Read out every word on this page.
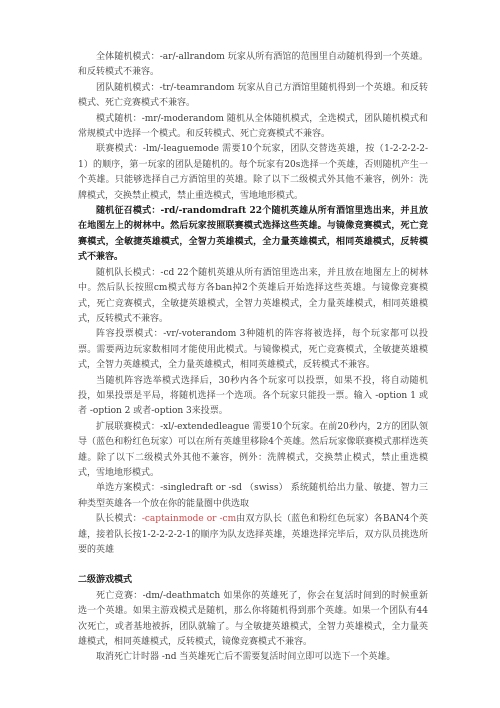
全体随机模式：-ar/-allrandom 玩家从所有酒馆的范围里自动随机得到一个英雄。和反转模式不兼容。

团队随机模式：-tr/-teamrandom 玩家从自己方酒馆里随机得到一个英雄。和反转模式、死亡竞赛模式不兼容。

模式随机：-mr/-moderandom 随机从全体随机模式，全选模式，团队随机模式和常规模式中选择一个模式。和反转模式、死亡竞赛模式不兼容。

联赛模式：-lm/-leaguemode 需要10个玩家，团队交替选英雄，按（1-2-2-2-2-1）的顺序，第一玩家的团队是随机的。每个玩家有20s选择一个英雄，否则随机产生一个英雄。只能够选择自己方酒馆里的英雄。除了以下二级模式外其他不兼容，例外：洗牌模式，交换禁止模式，禁止重选模式，雪地地形模式。

随机征召模式：-rd/-randomdraft 22个随机英雄从所有酒馆里选出来，并且放在地图左上的树林中。然后玩家按照联赛模式选择这些英雄。与镜像竞赛模式，死亡竞赛模式，全敏捷英雄模式，全智力英雄模式，全力量英雄模式，相同英雄模式，反转模式不兼容。

随机队长模式：-cd 22个随机英雄从所有酒馆里选出来，并且放在地图左上的树林中。然后队长按照cm模式每方各ban掉2个英雄后开始选择这些英雄。与镜像竞赛模式，死亡竞赛模式，全敏捷英雄模式，全智力英雄模式，全力量英雄模式，相同英雄模式，反转模式不兼容。

阵容投票模式：-vr/-voterandom 3种随机的阵容将被选择，每个玩家都可以投票。需要两边玩家数相同才能使用此模式。与镜像模式，死亡竞赛模式，全敏捷英雄模式，全智力英雄模式，全力量英雄模式，相同英雄模式，反转模式不兼容。

当随机阵容选举模式选择后，30秒内各个玩家可以投票，如果不投，将自动随机投，如果投票是平局，将随机选择一个选项。各个玩家只能投一票。输入 -option 1 或者 -option 2 或者-option 3来投票。

扩展联赛模式：-xl/-extendedleague 需要10个玩家。在前20秒内，2方的团队领导（蓝色和粉红色玩家）可以在所有英雄里移除4个英雄。然后玩家像联赛模式那样选英雄。除了以下二级模式外其他不兼容，例外：洗牌模式，交换禁止模式，禁止重选模式，雪地地形模式。

单选方案模式：-singledraft or -sd （swiss） 系统随机给出力量、敏捷、智力三种类型英雄各一个放在你的能量圈中供选取

队长模式：-captainmode or -cm由双方队长（蓝色和粉红色玩家）各BAN4个英雄，接着队长按1-2-2-2-2-1的顺序为队友选择英雄，英雄选择完毕后，双方队员挑选所要的英雄

二级游戏模式

死亡竞赛：-dm/-deathmatch 如果你的英雄死了，你会在复活时间到的时候重新选一个英雄。如果主游戏模式是随机，那么你将随机得到那个英雄。如果一个团队有44次死亡，或者基地被拆，团队就输了。与全敏捷英雄模式，全智力英雄模式，全力量英雄模式，相同英雄模式，反转模式，镜像竞赛模式不兼容。

取消死亡计时器 -nd 当英雄死亡后不需要复活时间立即可以选下一个英雄。
